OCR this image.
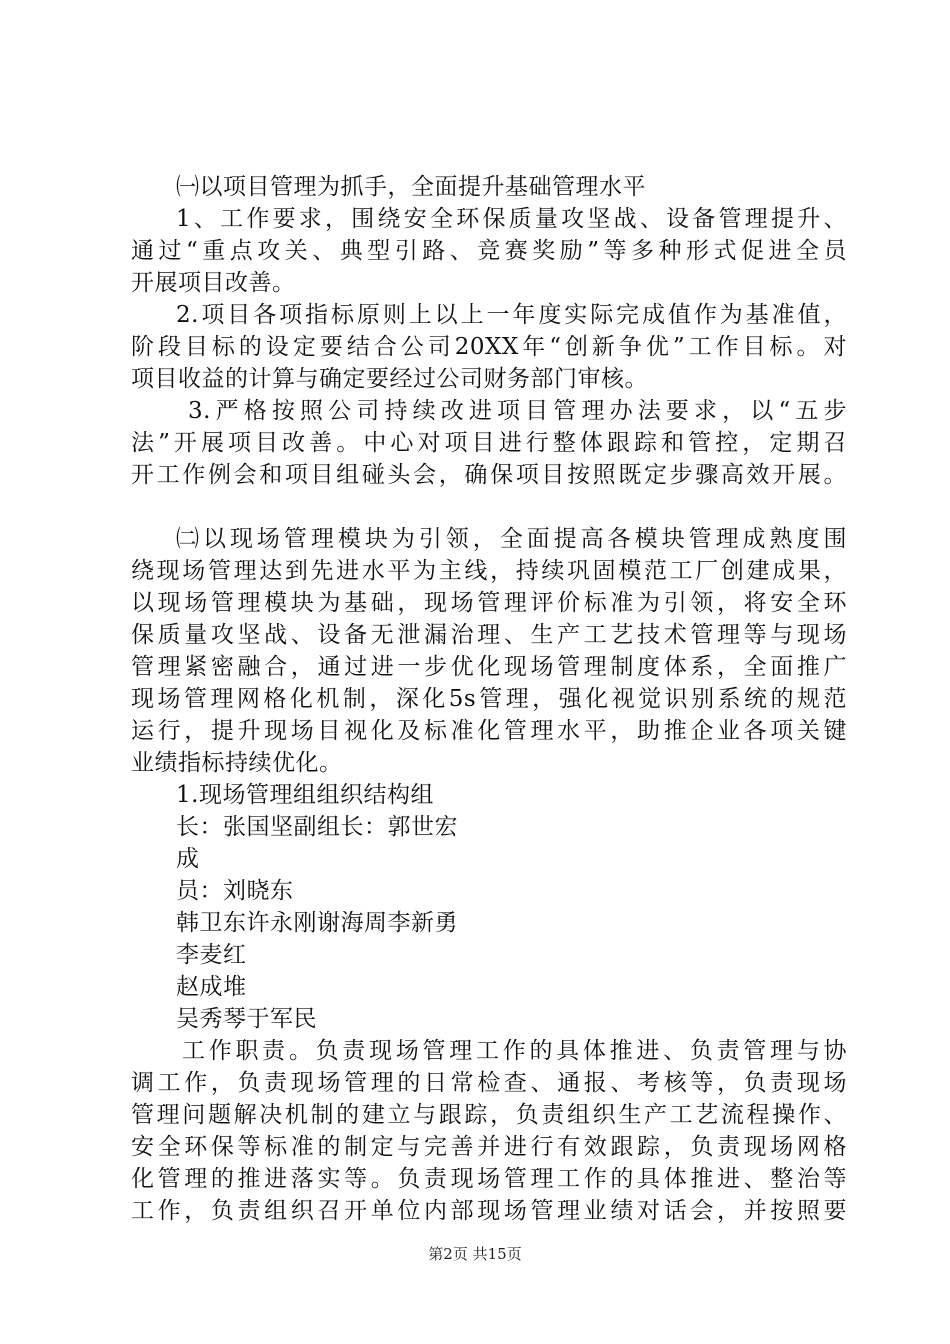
㈠以项目管理为抓手，全面提升基础管理水平
1、工作要求，围绕安全环保质量攻坚战、设备管理提升、
通过“重点攻关、典型引路、竞赛奖励”等多种形式促进全员
开展项目改善。
2.项目各项指标原则上以上一年度实际完成值作为基准值，
阶段目标的设定要结合公司20XX年“创新争优”工作目标。对
项目收益的计算与确定要经过公司财务部门审核。
3.严格按照公司持续改进项目管理办法要求，以“五步
法”开展项目改善。中心对项目进行整体跟踪和管控，定期召
开工作例会和项目组碰头会，确保项目按照既定步骤高效开展。
㈡以现场管理模块为引领，全面提高各模块管理成熟度围
绕现场管理达到先进水平为主线，持续巩固模范工厂创建成果，
以现场管理模块为基础，现场管理评价标准为引领，将安全环
保质量攻坚战、设备无泄漏治理、生产工艺技术管理等与现场
管理紧密融合，通过进一步优化现场管理制度体系，全面推广
现场管理网格化机制，深化5s管理，强化视觉识别系统的规范
运行，提升现场目视化及标准化管理水平，助推企业各项关键
业绩指标持续优化。
1.现场管理组组织结构组
长：张国坚副组长：郭世宏
成
员：刘晓东
韩卫东许永刚谢海周李新勇
李麦红
赵成堆
吴秀琴于军民
工作职责。负责现场管理工作的具体推进、负责管理与协
调工作，负责现场管理的日常检查、通报、考核等，负责现场
管理问题解决机制的建立与跟踪，负责组织生产工艺流程操作、
安全环保等标准的制定与完善并进行有效跟踪，负责现场网格
化管理的推进落实等。负责现场管理工作的具体推进、整治等
工作，负责组织召开单位内部现场管理业绩对话会，并按照要
第2页 共15页
